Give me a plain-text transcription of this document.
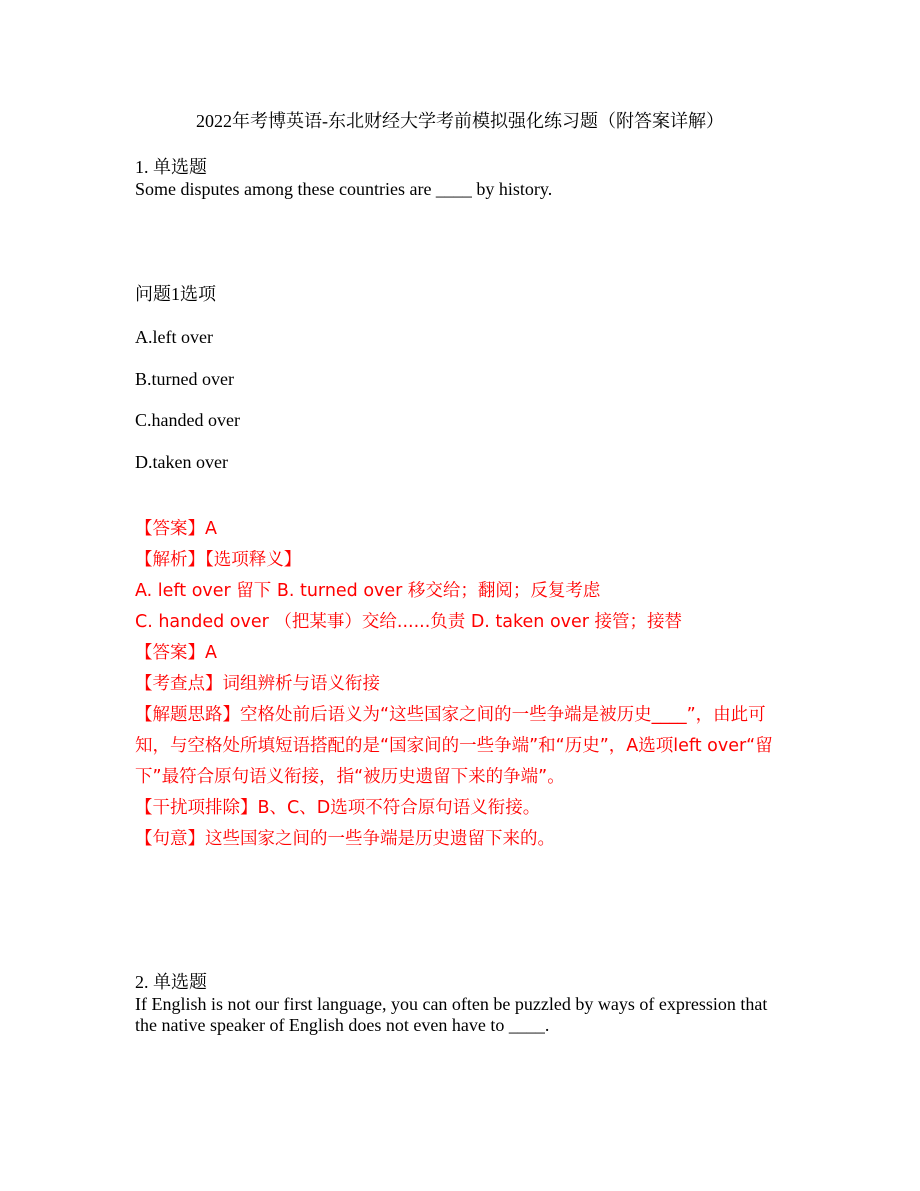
2022年考博英语-东北财经大学考前模拟强化练习题（附答案详解）
1. 单选题
Some disputes among these countries are ____ by history.
问题1选项
A.left over
B.turned over
C.handed over
D.taken over
【答案】A
【解析】【选项释义】
A. left over 留下 B. turned over 移交给；翻阅；反复考虑
C. handed over （把某事）交给......负责 D. taken over 接管；接替
【答案】A
【考查点】词组辨析与语义衔接
【解题思路】空格处前后语义为“这些国家之间的一些争端是被历史____”，由此可知，与空格处所填短语搭配的是“国家间的一些争端”和“历史”，A选项left over“留下”最符合原句语义衔接，指“被历史遗留下来的争端”。
【干扰项排除】B、C、D选项不符合原句语义衔接。
【句意】这些国家之间的一些争端是历史遗留下来的。
2. 单选题
If English is not our first language, you can often be puzzled by ways of expression that the native speaker of English does not even have to ____.
